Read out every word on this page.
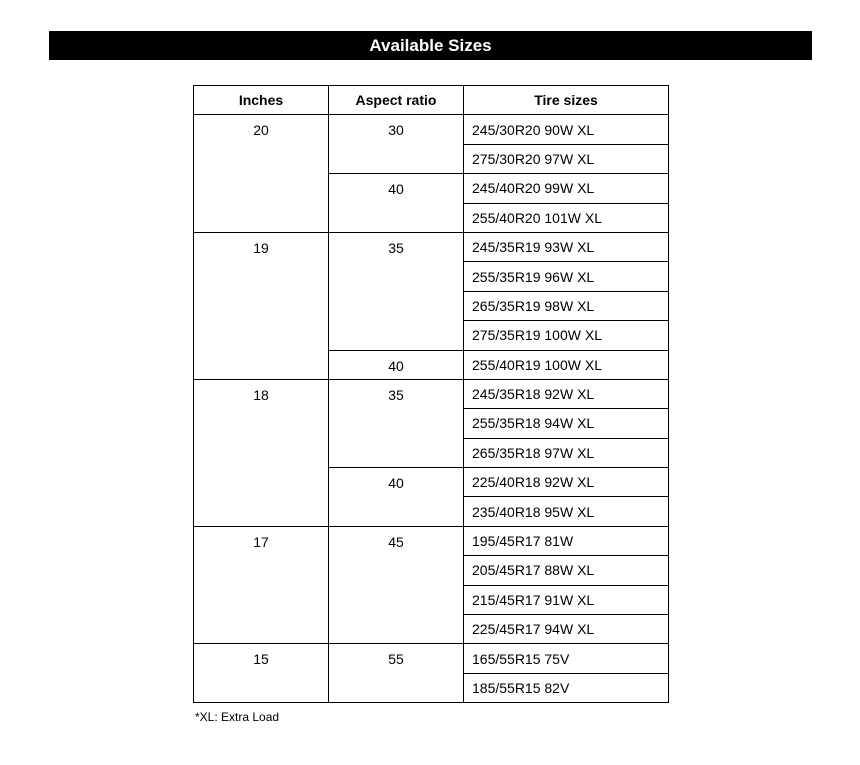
Available Sizes
Inches	Aspect ratio	Tire sizes
20	30	245/30R20 90W XL
		275/30R20 97W XL
	40	245/40R20 99W XL
		255/40R20 101W XL
19	35	245/35R19 93W XL
		255/35R19 96W XL
		265/35R19 98W XL
		275/35R19 100W XL
	40	255/40R19 100W XL
18	35	245/35R18 92W XL
		255/35R18 94W XL
		265/35R18 97W XL
	40	225/40R18 92W XL
		235/40R18 95W XL
17	45	195/45R17 81W
		205/45R17 88W XL
		215/45R17 91W XL
		225/45R17 94W XL
15	55	165/55R15 75V
		185/55R15 82V
*XL: Extra Load
